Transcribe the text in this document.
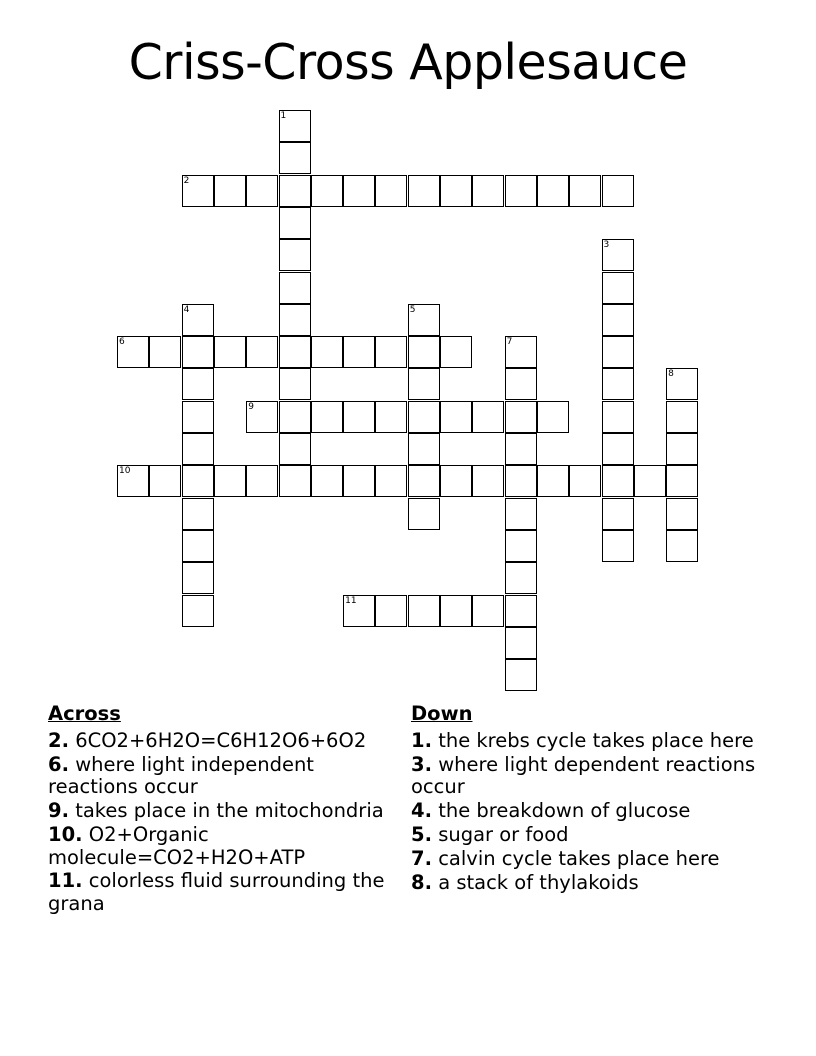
Criss-Cross Applesauce
1
2
3
4	5
6	7
8
9
10
11
Across
2. 6CO2+6H2O=C6H12O6+6O2
6. where light independent reactions occur
9. takes place in the mitochondria
10. O2+Organic molecule=CO2+H2O+ATP
11. colorless fluid surrounding the grana
Down
1. the krebs cycle takes place here
3. where light dependent reactions occur
4. the breakdown of glucose
5. sugar or food
7. calvin cycle takes place here
8. a stack of thylakoids
